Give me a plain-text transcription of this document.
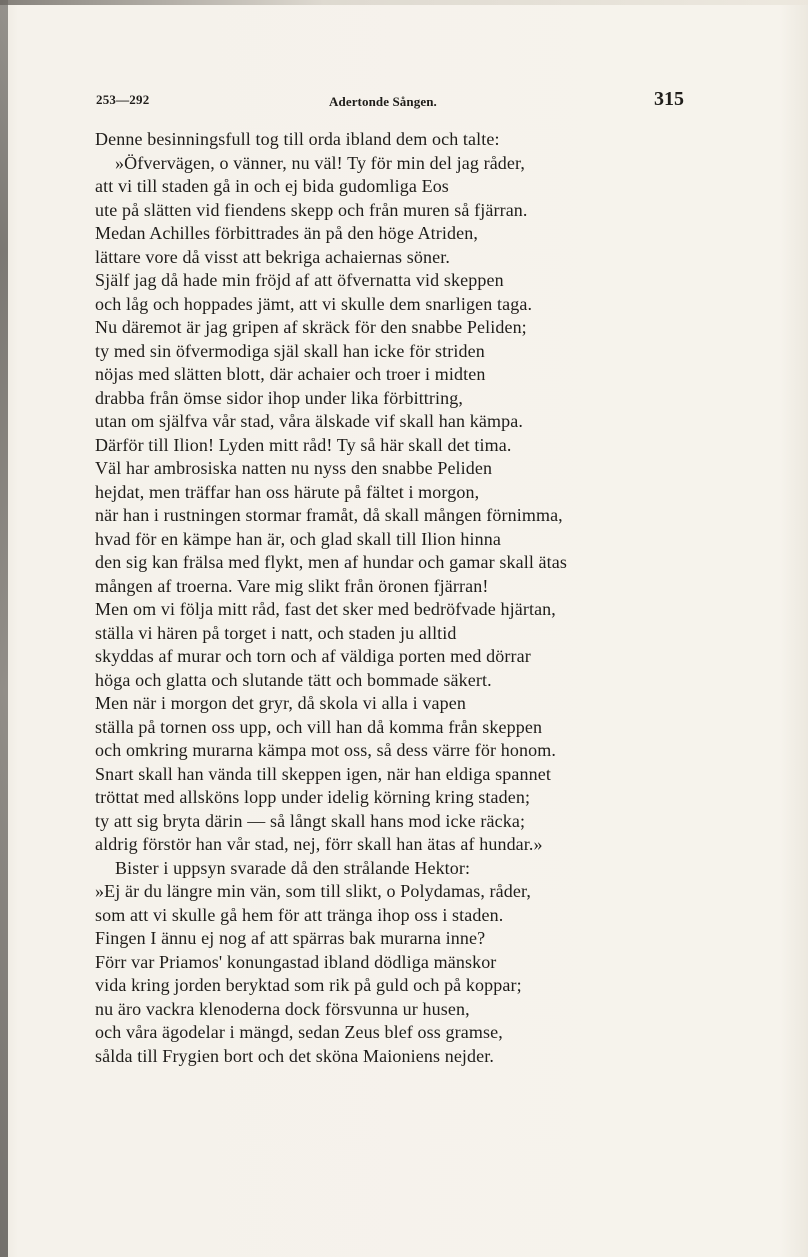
253—292	Adertonde Sången.	315
Denne besinningsfull tog till orda ibland dem och talte:
»Öfvervägen, o vänner, nu väl! Ty för min del jag råder,
att vi till staden gå in och ej bida gudomliga Eos
ute på slätten vid fiendens skepp och från muren så fjärran.
Medan Achilles förbittrades än på den höge Atriden,
lättare vore då visst att bekriga achaiernas söner.
Själf jag då hade min fröjd af att öfvernatta vid skeppen
och låg och hoppades jämt, att vi skulle dem snarligen taga.
Nu däremot är jag gripen af skräck för den snabbe Peliden;
ty med sin öfvermodiga själ skall han icke för striden
nöjas med slätten blott, där achaier och troer i midten
drabba från ömse sidor ihop under lika förbittring,
utan om själfva vår stad, våra älskade vif skall han kämpa.
Därför till Ilion! Lyden mitt råd! Ty så här skall det tima.
Väl har ambrosiska natten nu nyss den snabbe Peliden
hejdat, men träffar han oss härute på fältet i morgon,
när han i rustningen stormar framåt, då skall mången förnimma,
hvad för en kämpe han är, och glad skall till Ilion hinna
den sig kan frälsa med flykt, men af hundar och gamar skall ätas
mången af troerna. Vare mig slikt från öronen fjärran!
Men om vi följa mitt råd, fast det sker med bedröfvade hjärtan,
ställa vi hären på torget i natt, och staden ju alltid
skyddas af murar och torn och af väldiga porten med dörrar
höga och glatta och slutande tätt och bommade säkert.
Men när i morgon det gryr, då skola vi alla i vapen
ställa på tornen oss upp, och vill han då komma från skeppen
och omkring murarna kämpa mot oss, så dess värre för honom.
Snart skall han vända till skeppen igen, när han eldiga spannet
tröttat med allsköns lopp under idelig körning kring staden;
ty att sig bryta därin — så långt skall hans mod icke räcka;
aldrig förstör han vår stad, nej, förr skall han ätas af hundar.»
Bister i uppsyn svarade då den strålande Hektor:
»Ej är du längre min vän, som till slikt, o Polydamas, råder,
som att vi skulle gå hem för att tränga ihop oss i staden.
Fingen I ännu ej nog af att spärras bak murarna inne?
Förr var Priamos' konungastad ibland dödliga mänskor
vida kring jorden beryktad som rik på guld och på koppar;
nu äro vackra klenoderna dock försvunna ur husen,
och våra ägodelar i mängd, sedan Zeus blef oss gramse,
sålda till Frygien bort och det sköna Maioniens nejder.
